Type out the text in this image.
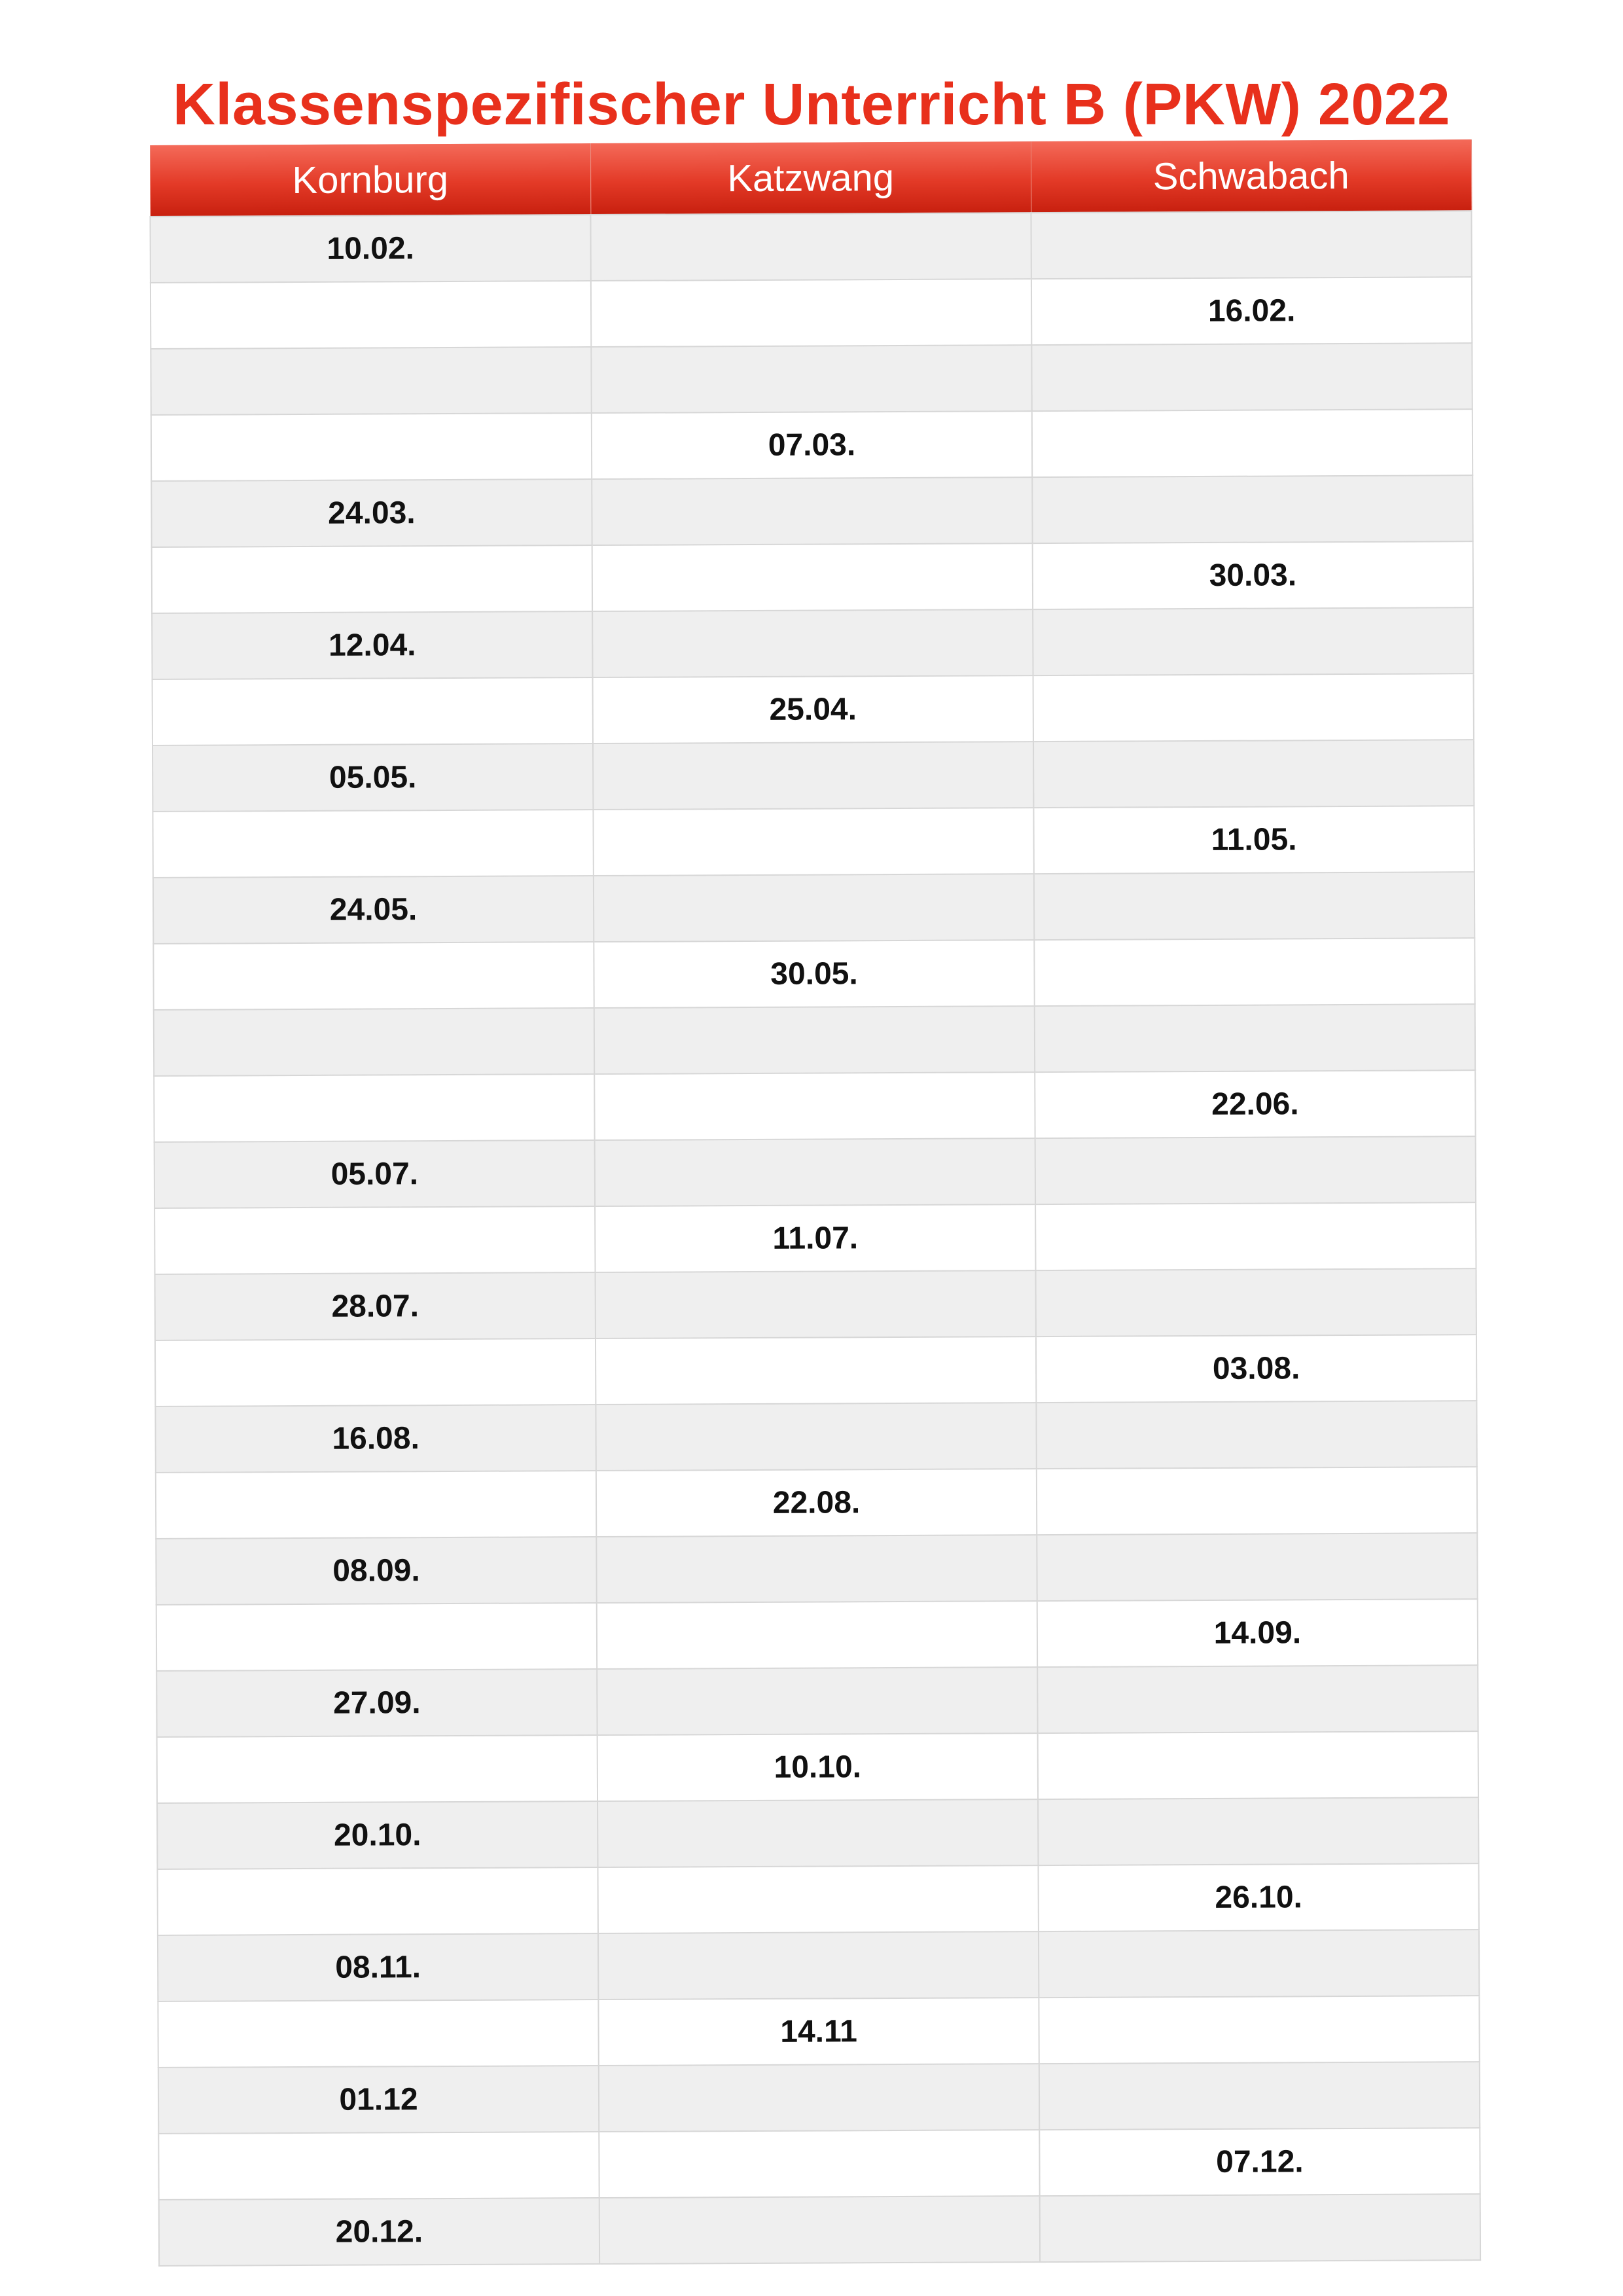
Klassenspezifischer Unterricht B (PKW) 2022
Kornburg	Katzwang	Schwabach
10.02.		
		16.02.

	07.03.	
24.03.		
		30.03.
12.04.		
	25.04.	
05.05.		
		11.05.
24.05.		
	30.05.	

		22.06.
05.07.		
	11.07.	
28.07.		
		03.08.
16.08.		
	22.08.	
08.09.		
		14.09.
27.09.		
	10.10.	
20.10.		
		26.10.
08.11.		
	14.11	
01.12		
		07.12.
20.12.		
